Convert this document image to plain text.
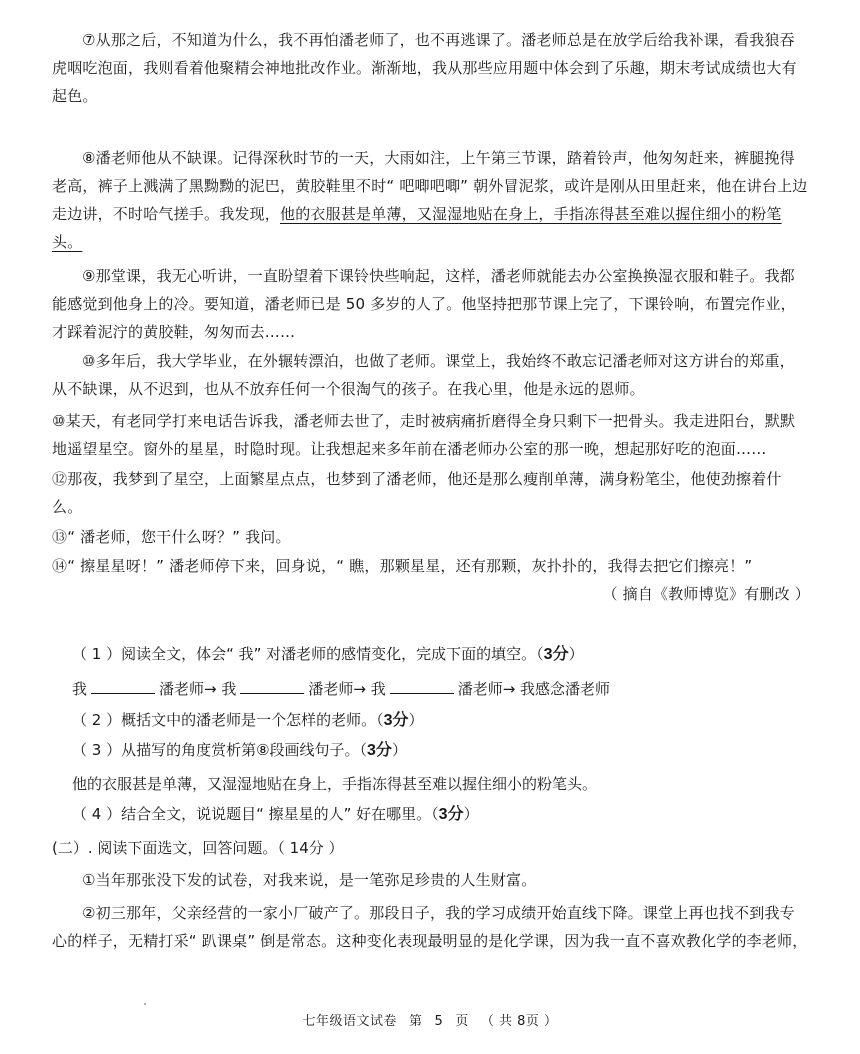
⑦从那之后，不知道为什么，我不再怕潘老师了，也不再逃课了。潘老师总是在放学后给我补课，看我狼吞虎咽吃泡面，我则看着他聚精会神地批改作业。渐渐地，我从那些应用题中体会到了乐趣，期末考试成绩也大有起色。

⑧潘老师他从不缺课。记得深秋时节的一天，大雨如注，上午第三节课，踏着铃声，他匆匆赶来，裤腿挽得老高，裤子上溅满了黑黝黝的泥巴，黄胶鞋里不时“ 吧唧吧唧” 朝外冒泥浆，或许是刚从田里赶来，他在讲台上边走边讲，不时哈气搓手。我发现，他的衣服甚是单薄，又湿湿地贴在身上，手指冻得甚至难以握住细小的粉笔头。

⑨那堂课，我无心听讲，一直盼望着下课铃快些响起，这样，潘老师就能去办公室换换湿衣服和鞋子。我都能感觉到他身上的冷。要知道，潘老师已是 50 多岁的人了。他坚持把那节课上完了，下课铃响，布置完作业，才踩着泥泞的黄胶鞋，匆匆而去……

⑩多年后，我大学毕业，在外辗转漂泊，也做了老师。课堂上，我始终不敢忘记潘老师对这方讲台的郑重，从不缺课，从不迟到，也从不放弃任何一个很淘气的孩子。在我心里，他是永远的恩师。

⑩某天，有老同学打来电话告诉我，潘老师去世了，走时被病痛折磨得全身只剩下一把骨头。我走进阳台，默默地遥望星空。窗外的星星，时隐时现。让我想起来多年前在潘老师办公室的那一晚，想起那好吃的泡面……

⑫那夜，我梦到了星空，上面繁星点点，也梦到了潘老师，他还是那么瘦削单薄，满身粉笔尘，他使劲擦着什么。

⑬“ 潘老师，您干什么呀？” 我问。

⑭“ 擦星星呀！” 潘老师停下来，回身说，“ 瞧，那颗星星，还有那颗，灰扑扑的，我得去把它们擦亮！”

（ 摘自《教师博览》有删改 ）

（ 1 ）阅读全文，体会“ 我” 对潘老师的感情变化，完成下面的填空。（3分）

我	潘老师→ 我	潘老师→ 我	潘老师→ 我感念潘老师

（ 2 ）概括文中的潘老师是一个怎样的老师。（3分）

（ 3 ）从描写的角度赏析第⑧段画线句子。（3分）

他的衣服甚是单薄，又湿湿地贴在身上，手指冻得甚至难以握住细小的粉笔头。

（ 4 ）结合全文，说说题目“ 擦星星的人” 好在哪里。（3分）

(二）. 阅读下面选文，回答问题。（ 14分 ）

①当年那张没下发的试卷，对我来说，是一笔弥足珍贵的人生财富。

②初三那年，父亲经营的一家小厂破产了。那段日子，我的学习成绩开始直线下降。课堂上再也找不到我专心的样子，无精打采“ 趴课桌” 倒是常态。这种变化表现最明显的是化学课，因为我一直不喜欢教化学的李老师，

七年级语文试卷 第 5 页 （ 共 8页 ）
